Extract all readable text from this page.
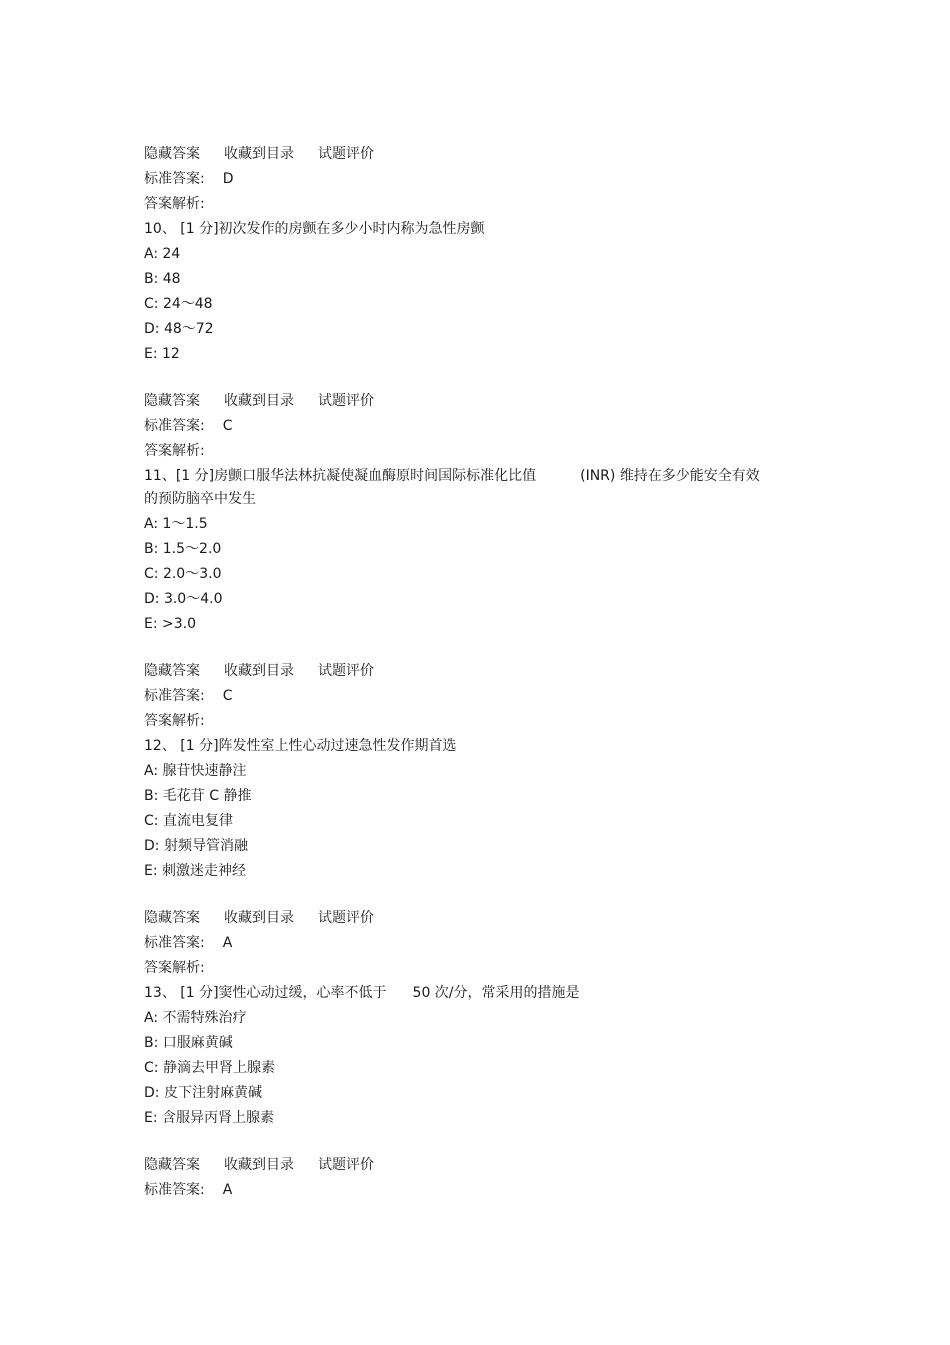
隐藏答案 收藏到目录 试题评价
标准答案: D
答案解析:
10、 [1 分]初次发作的房颤在多少小时内称为急性房颤
A: 24
B: 48
C: 24～48
D: 48～72
E: 12
隐藏答案 收藏到目录 试题评价
标准答案: C
答案解析:
11、[1 分]房颤口服华法林抗凝使凝血酶原时间国际标准化比值	(INR) 维持在多少能安全有效
的预防脑卒中发生
A: 1～1.5
B: 1.5～2.0
C: 2.0～3.0
D: 3.0～4.0
E: >3.0
隐藏答案 收藏到目录 试题评价
标准答案: C
答案解析:
12、 [1 分]阵发性室上性心动过速急性发作期首选
A: 腺苷快速静注
B: 毛花苷 C 静推
C: 直流电复律
D: 射频导管消融
E: 刺激迷走神经
隐藏答案 收藏到目录 试题评价
标准答案: A
答案解析:
13、 [1 分]窦性心动过缓，心率不低于 50 次/分，常采用的措施是
A: 不需特殊治疗
B: 口服麻黄碱
C: 静滴去甲肾上腺素
D: 皮下注射麻黄碱
E: 含服异丙肾上腺素
隐藏答案 收藏到目录 试题评价
标准答案: A
